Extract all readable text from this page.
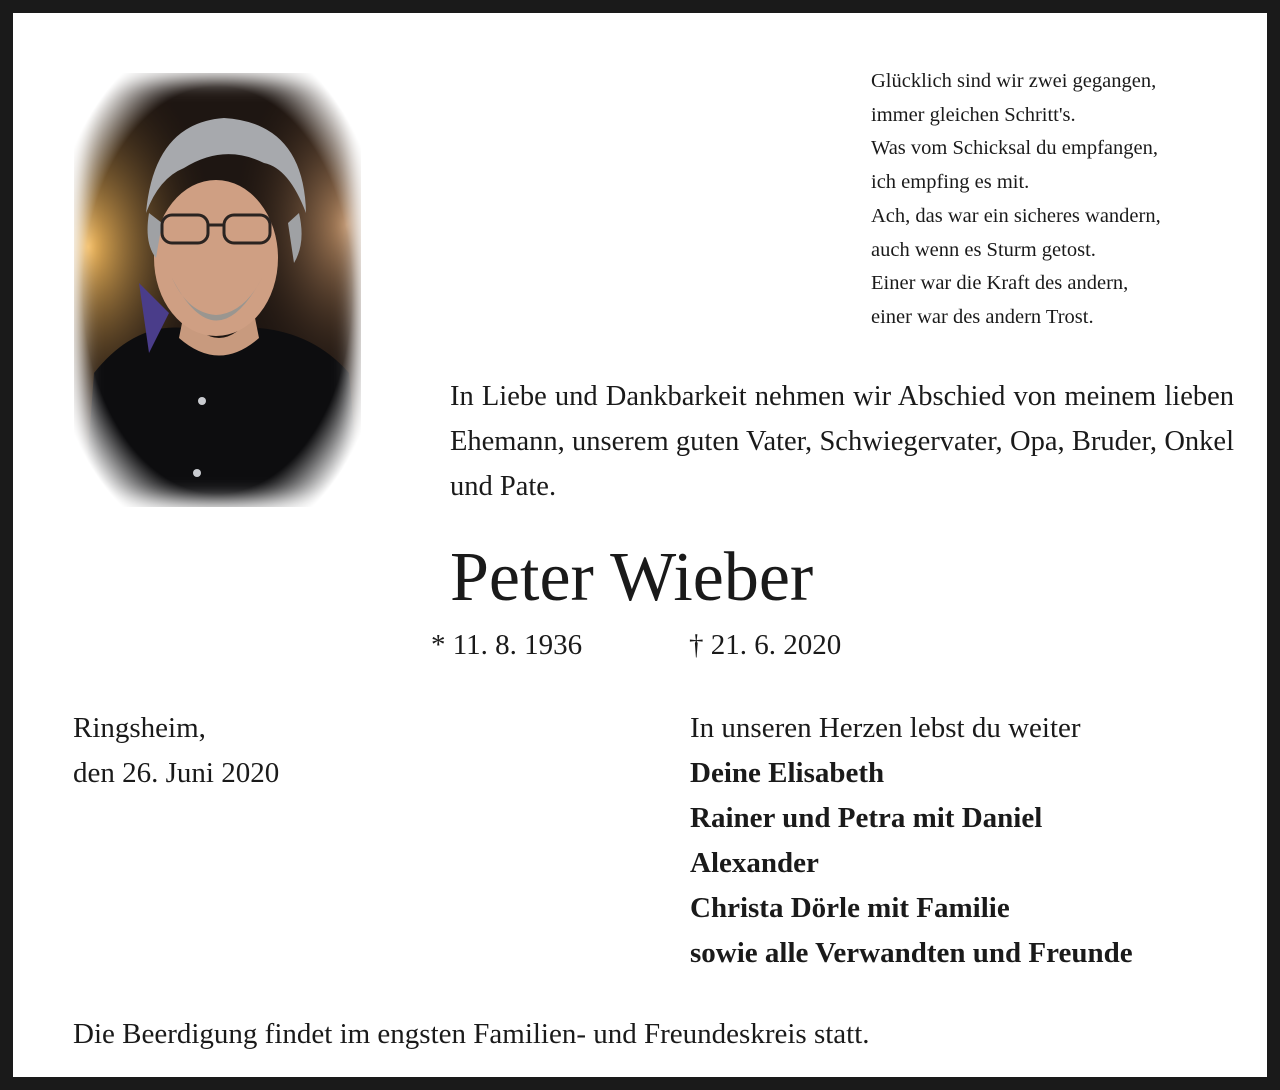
Glücklich sind wir zwei gegangen,
immer gleichen Schritt's.
Was vom Schicksal du empfangen,
ich empfing es mit.
Ach, das war ein sicheres wandern,
auch wenn es Sturm getost.
Einer war die Kraft des andern,
einer war des andern Trost.
In Liebe und Dankbarkeit nehmen wir Abschied von meinem lieben Ehemann, unserem guten Vater, Schwiegervater, Opa, Bruder, Onkel und Pate.
Peter Wieber
* 11. 8. 1936	† 21. 6. 2020
Ringsheim,
den 26. Juni 2020
In unseren Herzen lebst du weiter
Deine Elisabeth
Rainer und Petra mit Daniel
Alexander
Christa Dörle mit Familie
sowie alle Verwandten und Freunde
Die Beerdigung findet im engsten Familien- und Freundeskreis statt.
